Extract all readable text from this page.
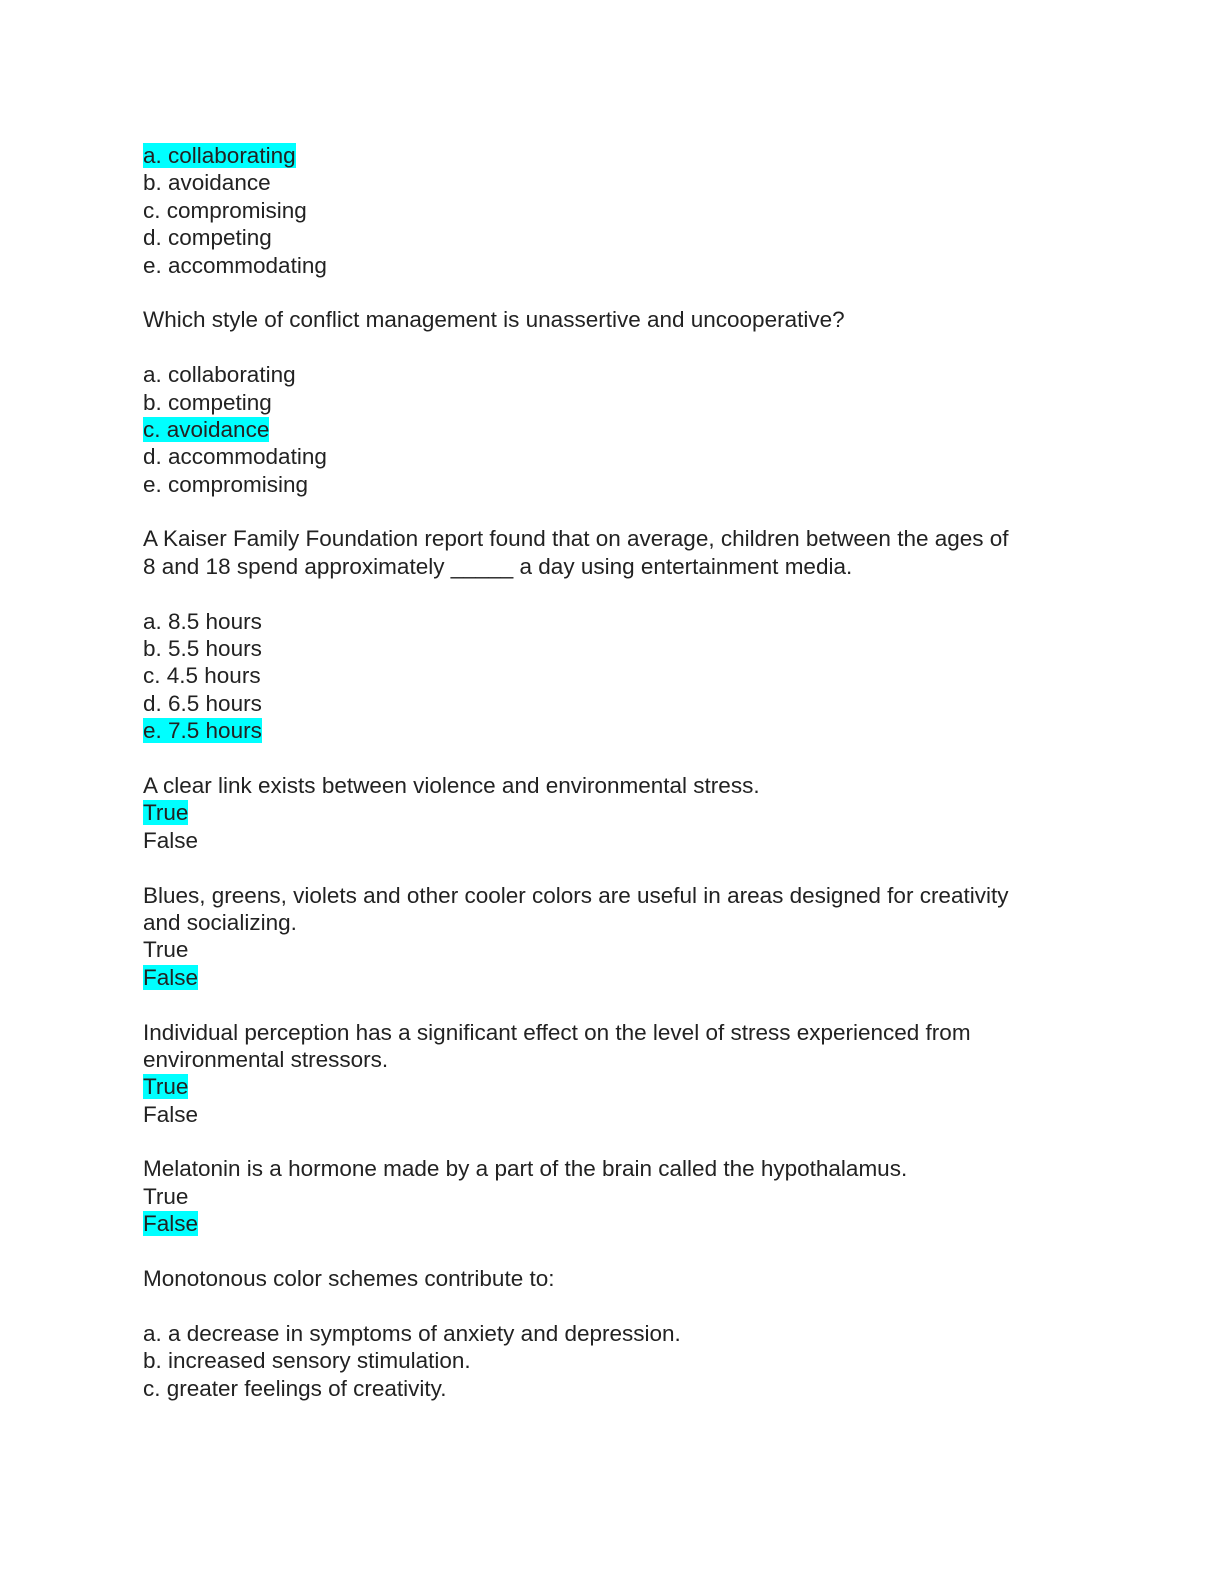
a. collaborating
b. avoidance
c. compromising
d. competing
e. accommodating
Which style of conflict management is unassertive and uncooperative?
a. collaborating
b. competing
c. avoidance
d. accommodating
e. compromising
A Kaiser Family Foundation report found that on average, children between the ages of
8 and 18 spend approximately _____ a day using entertainment media.
a. 8.5 hours
b. 5.5 hours
c. 4.5 hours
d. 6.5 hours
e. 7.5 hours
A clear link exists between violence and environmental stress.
True
False
Blues, greens, violets and other cooler colors are useful in areas designed for creativity
and socializing.
True
False
Individual perception has a significant effect on the level of stress experienced from
environmental stressors.
True
False
Melatonin is a hormone made by a part of the brain called the hypothalamus.
True
False
Monotonous color schemes contribute to:
a. a decrease in symptoms of anxiety and depression.
b. increased sensory stimulation.
c. greater feelings of creativity.
